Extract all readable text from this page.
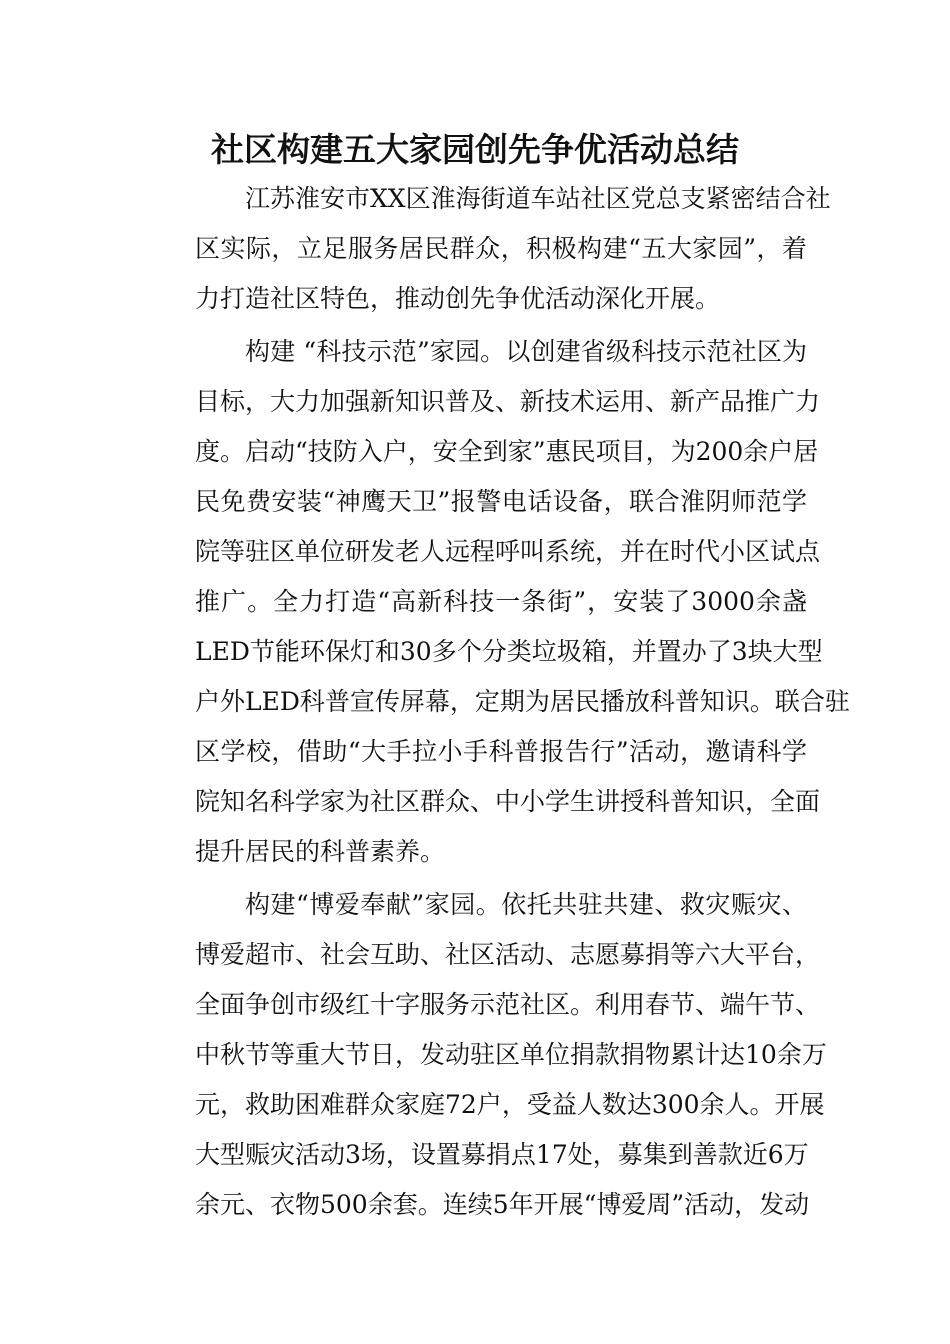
社区构建五大家园创先争优活动总结
江苏淮安市XX区淮海街道车站社区党总支紧密结合社
区实际，立足服务居民群众，积极构建“五大家园”，着
力打造社区特色，推动创先争优活动深化开展。
构建 “科技示范”家园。以创建省级科技示范社区为
目标，大力加强新知识普及、新技术运用、新产品推广力
度。启动“技防入户，安全到家”惠民项目，为200余户居
民免费安装“神鹰天卫”报警电话设备，联合淮阴师范学
院等驻区单位研发老人远程呼叫系统，并在时代小区试点
推广。全力打造“高新科技一条街”，安装了3000余盏
LED节能环保灯和30多个分类垃圾箱，并置办了3块大型
户外LED科普宣传屏幕，定期为居民播放科普知识。联合驻
区学校，借助“大手拉小手科普报告行”活动，邀请科学
院知名科学家为社区群众、中小学生讲授科普知识，全面
提升居民的科普素养。
构建“博爱奉献”家园。依托共驻共建、救灾赈灾、
博爱超市、社会互助、社区活动、志愿募捐等六大平台，
全面争创市级红十字服务示范社区。利用春节、端午节、
中秋节等重大节日，发动驻区单位捐款捐物累计达10余万
元，救助困难群众家庭72户，受益人数达300余人。开展
大型赈灾活动3场，设置募捐点17处，募集到善款近6万
余元、衣物500余套。连续5年开展“博爱周”活动，发动
